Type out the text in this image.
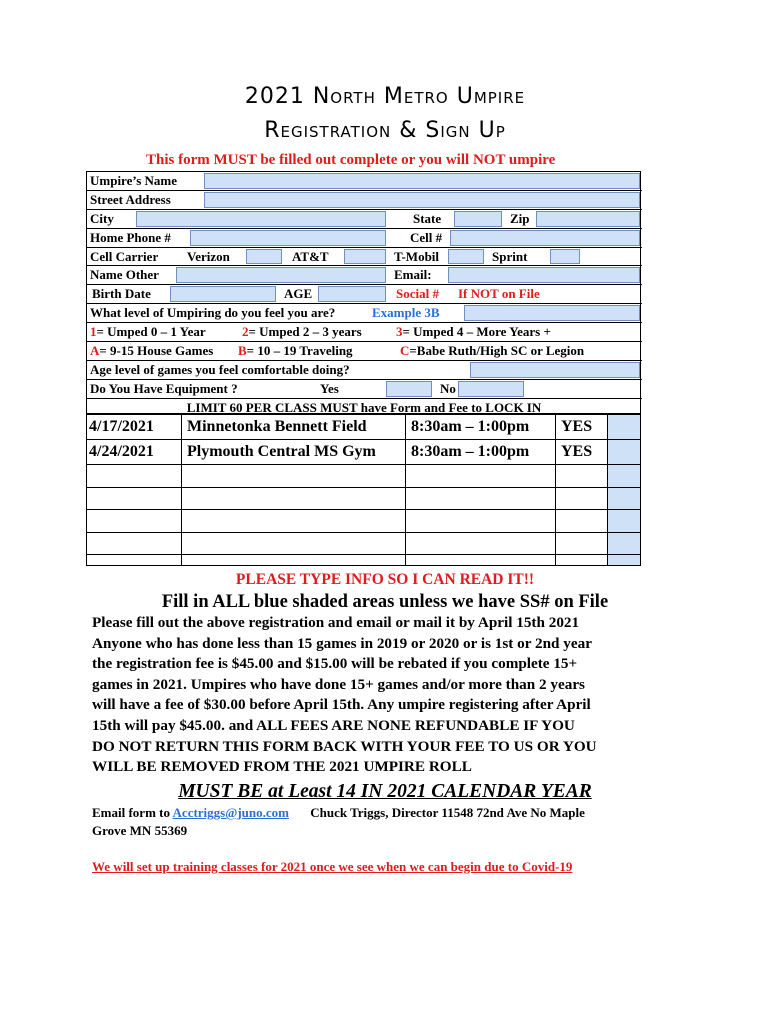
2021 North Metro Umpire
Registration & Sign Up
This form MUST be filled out complete or you will NOT umpire
Umpire’s Name
Street Address
City	State	Zip
Home Phone #	Cell #
Cell Carrier	Verizon	AT&T	T-Mobil	Sprint
Name Other	Email:
Birth Date	AGE	Social #	If NOT on File
What level of Umpiring do you feel you are?	Example 3B
1= Umped 0 – 1 Year	2= Umped 2 – 3 years	3= Umped 4 – More Years +
A= 9-15 House Games	B= 10 – 19 Traveling	C=Babe Ruth/High SC or Legion
Age level of games you feel comfortable doing?
Do You Have Equipment ?	Yes	No
LIMIT 60 PER CLASS MUST have Form and Fee to LOCK IN
4/17/2021 Minnetonka Bennett Field	8:30am – 1:00pm YES
4/24/2021 Plymouth Central MS Gym 8:30am – 1:00pm YES
PLEASE TYPE INFO SO I CAN READ IT!!
Fill in ALL blue shaded areas unless we have SS# on File
Please fill out the above registration and email or mail it by April 15th 2021
Anyone who has done less than 15 games in 2019 or 2020 or is 1st or 2nd year
the registration fee is $45.00 and $15.00 will be rebated if you complete 15+
games in 2021. Umpires who have done 15+ games and/or more than 2 years
will have a fee of $30.00 before April 15th. Any umpire registering after April
15th will pay $45.00. and ALL FEES ARE NONE REFUNDABLE IF YOU
DO NOT RETURN THIS FORM BACK WITH YOUR FEE TO US OR YOU
WILL BE REMOVED FROM THE 2021 UMPIRE ROLL
MUST BE at Least 14 IN 2021 CALENDAR YEAR
Email form to Acctriggs@juno.com Chuck Triggs, Director 11548 72nd Ave No Maple
Grove MN 55369
We will set up training classes for 2021 once we see when we can begin due to Covid-19
